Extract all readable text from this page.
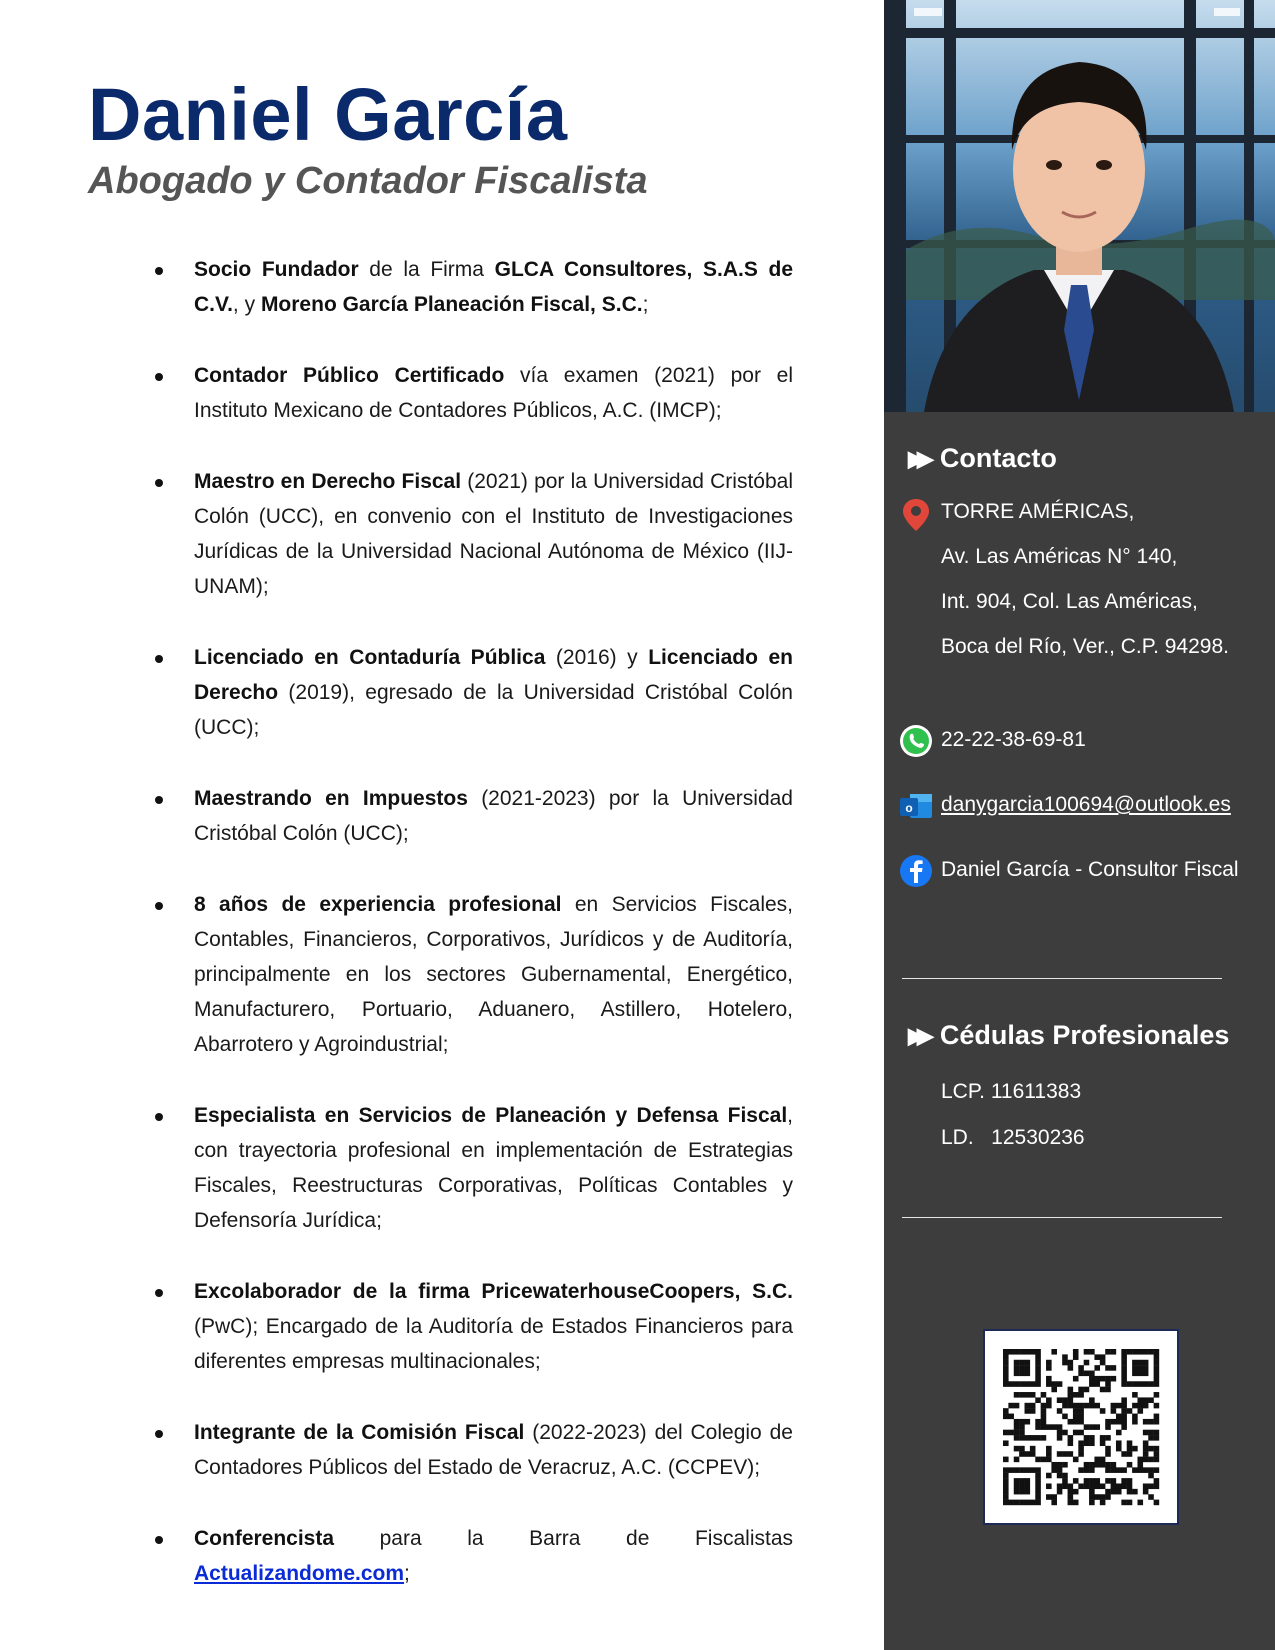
Daniel García
Abogado y Contador Fiscalista
Socio Fundador de la Firma GLCA Consultores, S.A.S de C.V., y Moreno García Planeación Fiscal, S.C.;
Contador Público Certificado vía examen (2021) por el Instituto Mexicano de Contadores Públicos, A.C. (IMCP);
Maestro en Derecho Fiscal (2021) por la Universidad Cristóbal Colón (UCC), en convenio con el Instituto de Investigaciones Jurídicas de la Universidad Nacional Autónoma de México (IIJ-UNAM);
Licenciado en Contaduría Pública (2016) y Licenciado en Derecho (2019), egresado de la Universidad Cristóbal Colón (UCC);
Maestrando en Impuestos (2021-2023) por la Universidad Cristóbal Colón (UCC);
8 años de experiencia profesional en Servicios Fiscales, Contables, Financieros, Corporativos, Jurídicos y de Auditoría, principalmente en los sectores Gubernamental, Energético, Manufacturero, Portuario, Aduanero, Astillero, Hotelero, Abarrotero y Agroindustrial;
Especialista en Servicios de Planeación y Defensa Fiscal, con trayectoria profesional en implementación de Estrategias Fiscales, Reestructuras Corporativas, Políticas Contables y Defensoría Jurídica;
Excolaborador de la firma PricewaterhouseCoopers, S.C. (PwC); Encargado de la Auditoría de Estados Financieros para diferentes empresas multinacionales;
Integrante de la Comisión Fiscal (2022-2023) del Colegio de Contadores Públicos del Estado de Veracruz, A.C. (CCPEV);
Conferencista para la Barra de Fiscalistas Actualizandome.com;
▶▶ Contacto
TORRE AMÉRICAS,
Av. Las Américas N° 140,
Int. 904, Col. Las Américas,
Boca del Río, Ver., C.P. 94298.
22-22-38-69-81
o danygarcia100694@outlook.es
Daniel García - Consultor Fiscal
▶▶ Cédulas Profesionales
LCP. 11611383
LD.   12530236
